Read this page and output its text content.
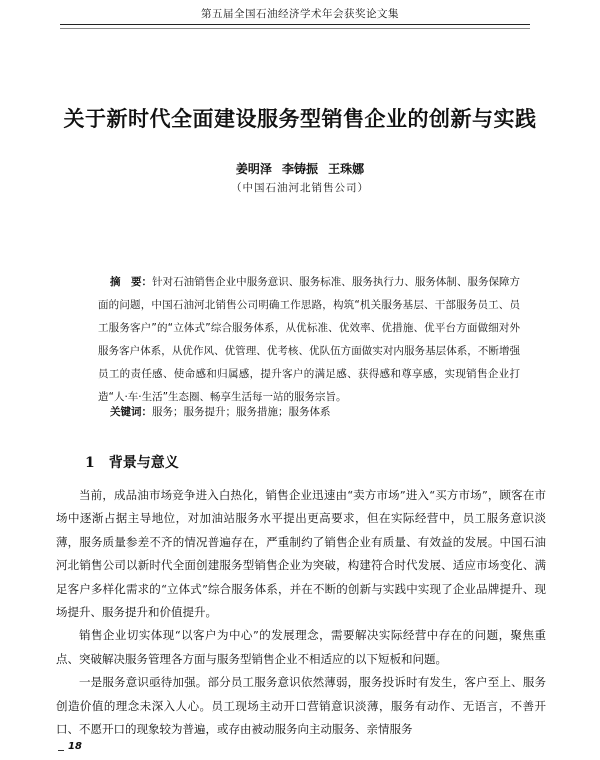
第五届全国石油经济学术年会获奖论文集
关于新时代全面建设服务型销售企业的创新与实践
姜明泽 李铸振 王珠娜
（中国石油河北销售公司）
摘　要：针对石油销售企业中服务意识、服务标准、服务执行力、服务体制、服务保障方面的问题，中国石油河北销售公司明确工作思路，构筑“机关服务基层、干部服务员工、员工服务客户”的“立体式”综合服务体系，从优标准、优效率、优措施、优平台方面做细对外服务客户体系，从优作风、优管理、优考核、优队伍方面做实对内服务基层体系，不断增强员工的责任感、使命感和归属感，提升客户的满足感、获得感和尊享感，实现销售企业打造“人·车·生活”生态圈、畅享生活每一站的服务宗旨。
关键词：服务；服务提升；服务措施；服务体系
1 背景与意义

当前，成品油市场竞争进入白热化，销售企业迅速由“卖方市场”进入“买方市场”，顾客在市场中逐渐占据主导地位，对加油站服务水平提出更高要求，但在实际经营中，员工服务意识淡薄，服务质量参差不齐的情况普遍存在，严重制约了销售企业有质量、有效益的发展。中国石油河北销售公司以新时代全面创建服务型销售企业为突破，构建符合时代发展、适应市场变化、满足客户多样化需求的“立体式”综合服务体系，并在不断的创新与实践中实现了企业品牌提升、现场提升、服务提升和价值提升。

销售企业切实体现“以客户为中心”的发展理念，需要解决实际经营中存在的问题，聚焦重点、突破解决服务管理各方面与服务型销售企业不相适应的以下短板和问题。

一是服务意识亟待加强。部分员工服务意识依然薄弱，服务投诉时有发生，客户至上、服务创造价值的理念未深入人心。员工现场主动开口营销意识淡薄，服务有动作、无语言，不善开口、不愿开口的现象较为普遍，或存由被动服务向主动服务、亲情服务

18
